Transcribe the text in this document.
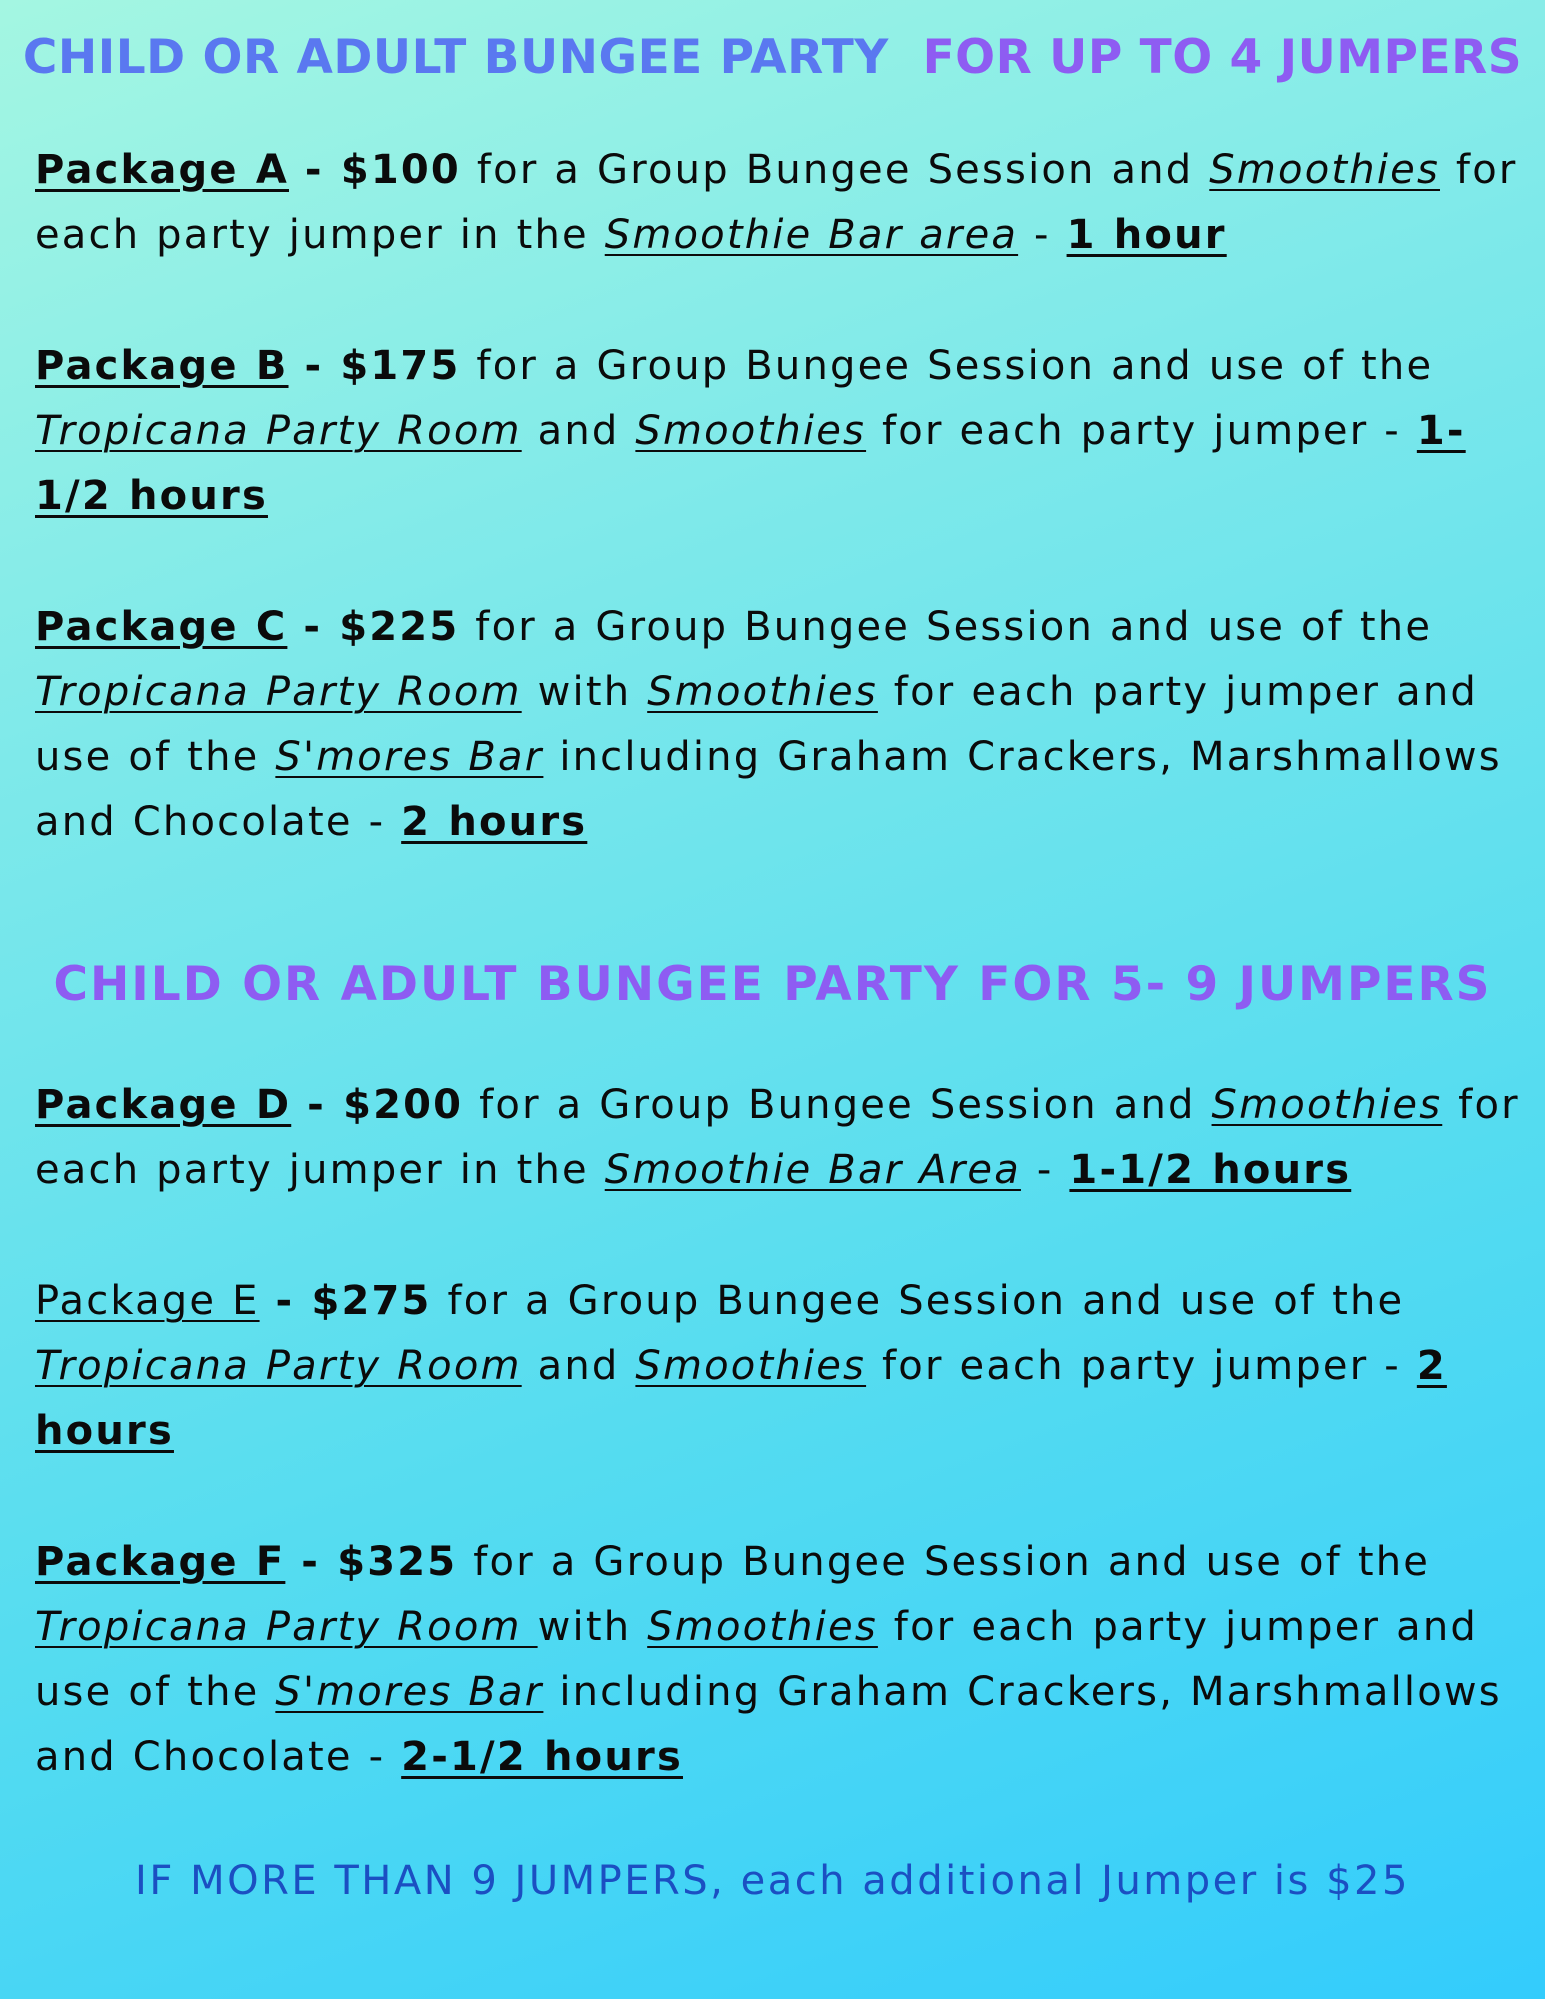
CHILD OR ADULT BUNGEE PARTY FOR UP TO 4 JUMPERS
Package A - $100 for a Group Bungee Session and Smoothies for each party jumper in the Smoothie Bar area - 1 hour
Package B - $175 for a Group Bungee Session and use of the Tropicana Party Room and Smoothies for each party jumper - 1-1/2 hours
Package C - $225 for a Group Bungee Session and use of the Tropicana Party Room with Smoothies for each party jumper and use of the S'mores Bar including Graham Crackers, Marshmallows and Chocolate - 2 hours
CHILD OR ADULT BUNGEE PARTY FOR 5- 9 JUMPERS
Package D - $200 for a Group Bungee Session and Smoothies for each party jumper in the Smoothie Bar Area - 1-1/2 hours
Package E - $275 for a Group Bungee Session and use of the Tropicana Party Room and Smoothies for each party jumper - 2 hours
Package F - $325 for a Group Bungee Session and use of the Tropicana Party Room with Smoothies for each party jumper and use of the S'mores Bar including Graham Crackers, Marshmallows and Chocolate - 2-1/2 hours
IF MORE THAN 9 JUMPERS, each additional Jumper is $25
